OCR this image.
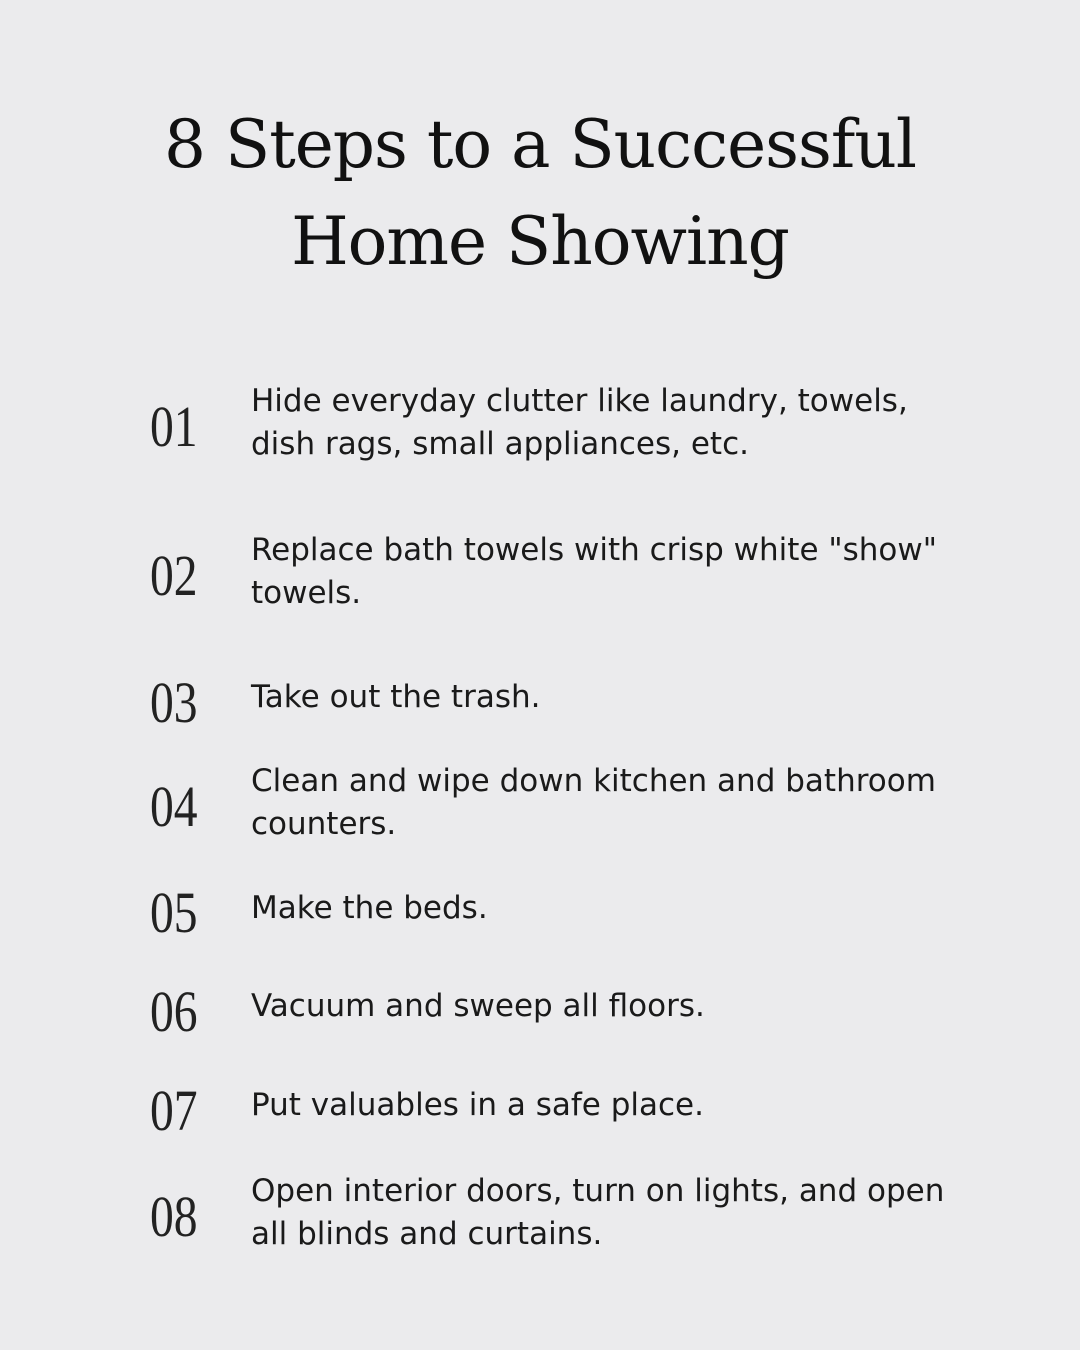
8 Steps to a Successful
Home Showing
01 Hide everyday clutter like laundry, towels, dish rags, small appliances, etc.
02 Replace bath towels with crisp white "show" towels.
03 Take out the trash.
04 Clean and wipe down kitchen and bathroom counters.
05 Make the beds.
06 Vacuum and sweep all floors.
07 Put valuables in a safe place.
08 Open interior doors, turn on lights, and open all blinds and curtains.
